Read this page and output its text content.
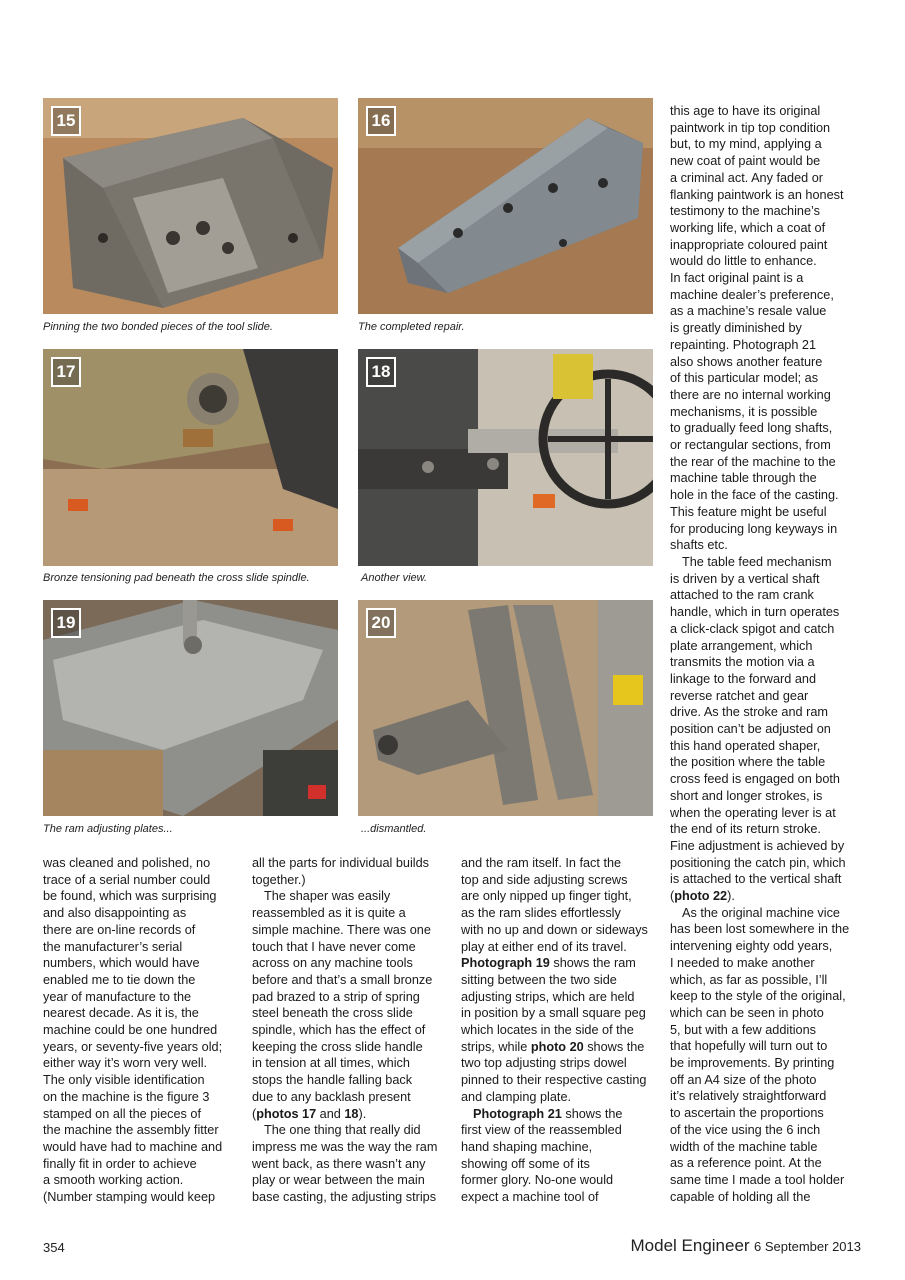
15
Pinning the two bonded pieces of the tool slide.
16
The completed repair.
17
Bronze tensioning pad beneath the cross slide spindle.
18
Another view.
19
The ram adjusting plates...
20
...dismantled.

was cleaned and polished, no
trace of a serial number could
be found, which was surprising
and also disappointing as
there are on-line records of
the manufacturer’s serial
numbers, which would have
enabled me to tie down the
year of manufacture to the
nearest decade. As it is, the
machine could be one hundred
years, or seventy-five years old;
either way it’s worn very well.
The only visible identification
on the machine is the figure 3
stamped on all the pieces of
the machine the assembly fitter
would have had to machine and
finally fit in order to achieve
a smooth working action.
(Number stamping would keep

all the parts for individual builds
together.)

The shaper was easily
reassembled as it is quite a
simple machine. There was one
touch that I have never come
across on any machine tools
before and that’s a small bronze
pad brazed to a strip of spring
steel beneath the cross slide
spindle, which has the effect of
keeping the cross slide handle
in tension at all times, which
stops the handle falling back
due to any backlash present
(photos 17 and 18).

The one thing that really did
impress me was the way the ram
went back, as there wasn’t any
play or wear between the main
base casting, the adjusting strips

and the ram itself. In fact the
top and side adjusting screws
are only nipped up finger tight,
as the ram slides effortlessly
with no up and down or sideways
play at either end of its travel.
Photograph 19 shows the ram
sitting between the two side
adjusting strips, which are held
in position by a small square peg
which locates in the side of the
strips, while photo 20 shows the
two top adjusting strips dowel
pinned to their respective casting
and clamping plate.

Photograph 21 shows the
first view of the reassembled
hand shaping machine,
showing off some of its
former glory. No-one would
expect a machine tool of

this age to have its original
paintwork in tip top condition
but, to my mind, applying a
new coat of paint would be
a criminal act. Any faded or
flanking paintwork is an honest
testimony to the machine’s
working life, which a coat of
inappropriate coloured paint
would do little to enhance.
In fact original paint is a
machine dealer’s preference,
as a machine’s resale value
is greatly diminished by
repainting. Photograph 21
also shows another feature
of this particular model; as
there are no internal working
mechanisms, it is possible
to gradually feed long shafts,
or rectangular sections, from
the rear of the machine to the
machine table through the
hole in the face of the casting.
This feature might be useful
for producing long keyways in
shafts etc.

The table feed mechanism
is driven by a vertical shaft
attached to the ram crank
handle, which in turn operates
a click-clack spigot and catch
plate arrangement, which
transmits the motion via a
linkage to the forward and
reverse ratchet and gear
drive. As the stroke and ram
position can’t be adjusted on
this hand operated shaper,
the position where the table
cross feed is engaged on both
short and longer strokes, is
when the operating lever is at
the end of its return stroke.
Fine adjustment is achieved by
positioning the catch pin, which
is attached to the vertical shaft
(photo 22).

As the original machine vice
has been lost somewhere in the
intervening eighty odd years,
I needed to make another
which, as far as possible, I’ll
keep to the style of the original,
which can be seen in photo
5, but with a few additions
that hopefully will turn out to
be improvements. By printing
off an A4 size of the photo
it’s relatively straightforward
to ascertain the proportions
of the vice using the 6 inch
width of the machine table
as a reference point. At the
same time I made a tool holder
capable of holding all the

354	Model Engineer 6 September 2013
